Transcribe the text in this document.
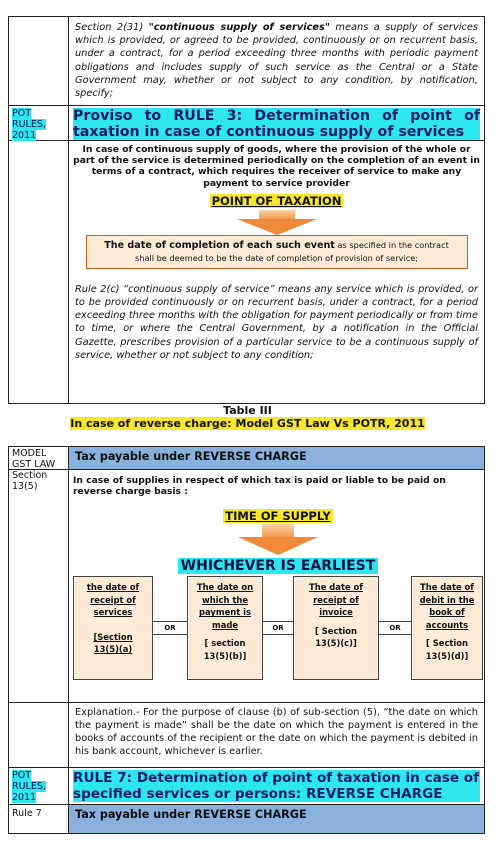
Section 2(31) "continuous supply of services" means a supply of services which is provided, or agreed to be provided, continuously or on recurrent basis, under a contract, for a period exceeding three months with periodic payment obligations and includes supply of such service as the Central or a State Government may, whether or not subject to any condition, by notification, specify;
POT
RULES,
2011
Proviso to RULE 3: Determination of point of taxation in case of continuous supply of services
In case of continuous supply of goods, where the provision of the whole or part of the service is determined periodically on the completion of an event in terms of a contract, which requires the receiver of service to make any payment to service provider
POINT OF TAXATION
The date of completion of each such event as specified in the contract
shall be deemed to be the date of completion of provision of service;
Rule 2(c) “continuous supply of service” means any service which is provided, or to be provided continuously or on recurrent basis, under a contract, for a period exceeding three months with the obligation for payment periodically or from time to time, or where the Central Government, by a notification in the Official Gazette, prescribes provision of a particular service to be a continuous supply of service, whether or not subject to any condition;
Table III
In case of reverse charge: Model GST Law Vs POTR, 2011
MODEL
GST LAW
Section
13(5)
Tax payable under REVERSE CHARGE
In case of supplies in respect of which tax is paid or liable to be paid on reverse charge basis :
TIME OF SUPPLY
WHICHEVER IS EARLIEST
the date of
receipt of
services
[Section
13(5)(a)
OR
The date on
which the
payment is
made
[ section
13(5)(b)]
OR
The date of
receipt of
invoice
[ Section
13(5)(c)]
OR
The date of
debit in the
book of
accounts
[ Section
13(5)(d)]
Explanation.- For the purpose of clause (b) of sub-section (5), “the date on which the payment is made” shall be the date on which the payment is entered in the books of accounts of the recipient or the date on which the payment is debited in his bank account, whichever is earlier.
POT
RULES,
2011
RULE 7: Determination of point of taxation in case of specified services or persons: REVERSE CHARGE
Rule 7	Tax payable under REVERSE CHARGE
